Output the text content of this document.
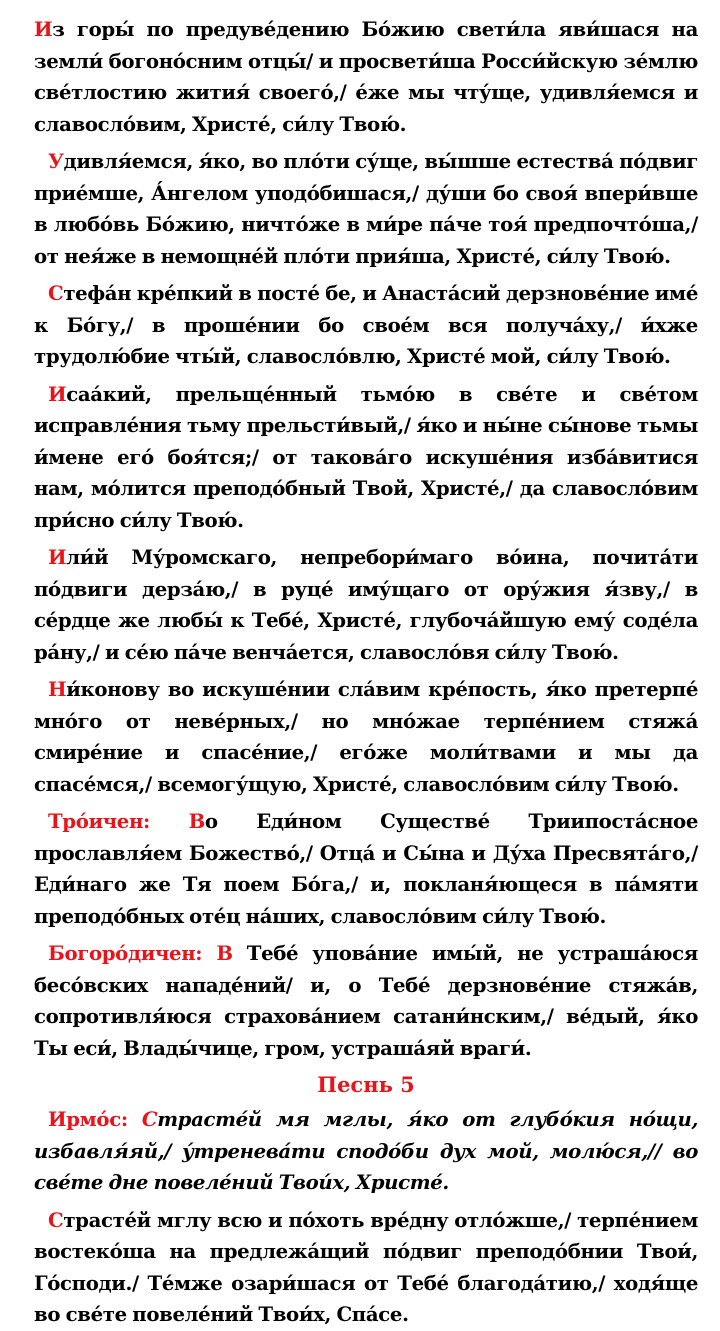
Из горы́ по предуве́дению Бо́жию свети́ла яви́шася на земли́ богоно́сним отцы́/ и просвети́ша Росси́йскую зе́млю све́тлостию жития́ своего́,/ е́же мы чту́ще, удивля́емся и славосло́вим, Христе́, си́лу Твою́.

Удивля́емся, я́ко, во пло́ти су́ще, вы́шше естества́ по́двиг прие́мше, А́нгелом уподо́бишася,/ ду́ши бо своя́ впери́вше в любо́вь Бо́жию, ничто́же в ми́ре па́че тоя́ предпочто́ша,/ от нея́же в немощне́й пло́ти прия́ша, Христе́, си́лу Твою́.

Стефа́н кре́пкий в посте́ бе, и Анаста́сий дерзнове́ние име́ к Бо́гу,/ в проше́нии бо свое́м вся получа́ху,/ и́хже трудолю́бие чты́й, славосло́влю, Христе́ мой, си́лу Твою́.

Исаа́кий, прельще́нный тьмо́ю в све́те и све́том исправле́ния тьму прельсти́вый,/ я́ко и ны́не сы́нове тьмы и́мене его́ боя́тся;/ от такова́го искуше́ния изба́витися нам, мо́лится преподо́бный Твой, Христе́,/ да славосло́вим при́сно си́лу Твою́.

Или́й Му́ромскаго, непребори́маго во́ина, почита́ти по́двиги дерза́ю,/ в руце́ иму́щаго от ору́жия я́зву,/ в се́рдце же любы́ к Тебе́, Христе́, глубоча́йшую ему́ соде́ла ра́ну,/ и се́ю па́че венча́ется, славосло́вя си́лу Твою́.

Ни́конову во искуше́нии сла́вим кре́пость, я́ко претерпе́ мно́го от неве́рных,/ но мно́жае терпе́нием стяжа́ смире́ние и спасе́ние,/ его́же моли́твами и мы да спасе́мся,/ всемогу́щую, Христе́, славосло́вим си́лу Твою́.

Тро́ичен: Во Еди́ном Существе́ Триипоста́сное прославля́ем Божество́,/ Отца́ и Сы́на и Ду́ха Пресвята́го,/ Еди́наго же Тя поем Бо́га,/ и, покланя́ющеся в па́мяти преподо́бных оте́ц на́ших, славосло́вим си́лу Твою́.

Богоро́дичен: В Тебе́ упова́ние имы́й, не устраша́юся бесо́вских нападе́ний/ и, о Тебе́ дерзнове́ние стяжа́в, сопротивля́юся страхова́нием сатани́нским,/ ве́дый, я́ко Ты еси́, Влады́чице, гром, устраша́яй враги́.

Песнь 5

Ирмо́с: Страсте́й мя мглы, я́ко от глубо́кия но́щи, избавля́яй,/ у́тренева́ти сподо́би дух мой, молю́ся,// во све́те дне повеле́ний Твои́х, Христе́.

Страсте́й мглу всю и по́хоть вре́дну отло́жше,/ терпе́нием востеко́ша на предлежа́щий по́двиг преподо́бнии Твои́, Го́споди./ Те́мже озари́шася от Тебе́ благода́тию,/ ходя́ще во све́те повеле́ний Твои́х, Спа́се.
